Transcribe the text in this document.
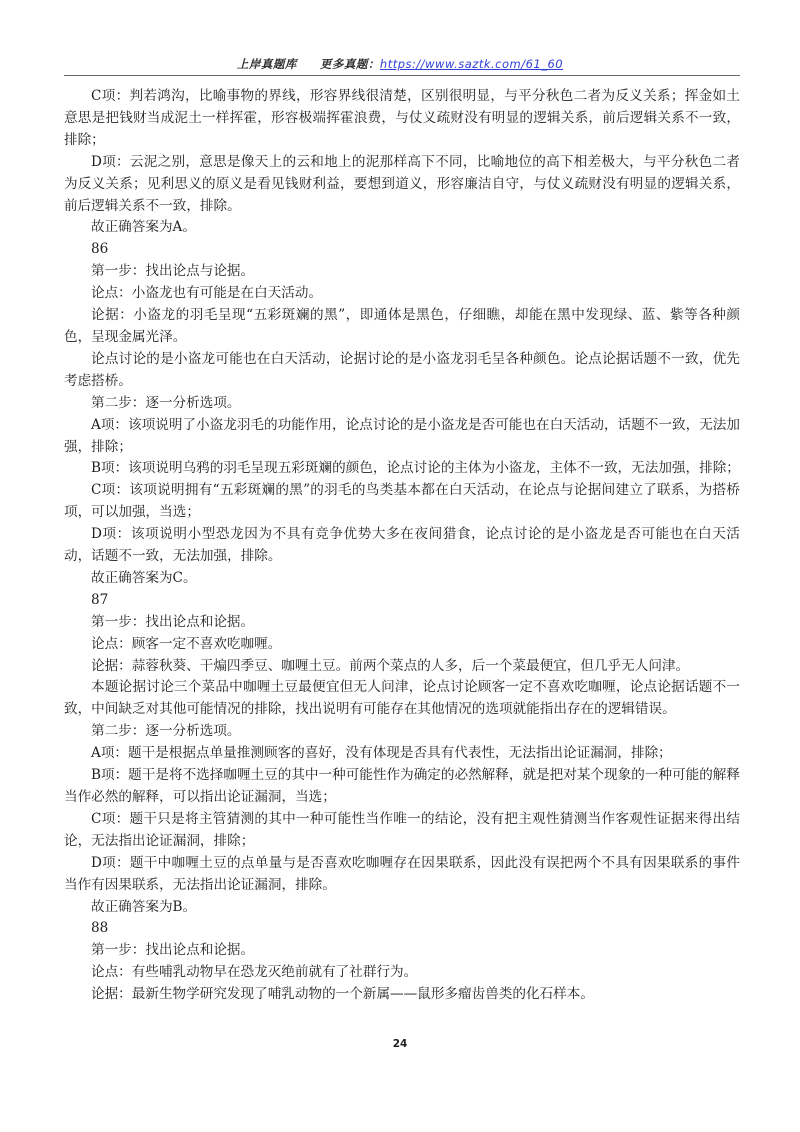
上岸真题库 更多真题：https://www.saztk.com/61_60

C项：判若鸿沟，比喻事物的界线，形容界线很清楚，区别很明显，与平分秋色二者为反义关系；挥金如土意思是把钱财当成泥土一样挥霍，形容极端挥霍浪费，与仗义疏财没有明显的逻辑关系，前后逻辑关系不一致，排除；

D项：云泥之别，意思是像天上的云和地上的泥那样高下不同，比喻地位的高下相差极大，与平分秋色二者为反义关系；见利思义的原义是看见钱财利益，要想到道义，形容廉洁自守，与仗义疏财没有明显的逻辑关系，前后逻辑关系不一致，排除。

故正确答案为A。

86

第一步：找出论点与论据。

论点：小盗龙也有可能是在白天活动。

论据：小盗龙的羽毛呈现“五彩斑斓的黑”，即通体是黑色，仔细瞧，却能在黑中发现绿、蓝、紫等各种颜色，呈现金属光泽。

论点讨论的是小盗龙可能也在白天活动，论据讨论的是小盗龙羽毛呈各种颜色。论点论据话题不一致，优先考虑搭桥。

第二步：逐一分析选项。

A项：该项说明了小盗龙羽毛的功能作用，论点讨论的是小盗龙是否可能也在白天活动，话题不一致，无法加强，排除；

B项：该项说明乌鸦的羽毛呈现五彩斑斓的颜色，论点讨论的主体为小盗龙，主体不一致，无法加强，排除；

C项：该项说明拥有“五彩斑斓的黑”的羽毛的鸟类基本都在白天活动，在论点与论据间建立了联系，为搭桥项，可以加强，当选；

D项：该项说明小型恐龙因为不具有竞争优势大多在夜间猎食，论点讨论的是小盗龙是否可能也在白天活动，话题不一致，无法加强，排除。

故正确答案为C。

87

第一步：找出论点和论据。

论点：顾客一定不喜欢吃咖喱。

论据：蒜蓉秋葵、干煸四季豆、咖喱土豆。前两个菜点的人多，后一个菜最便宜，但几乎无人问津。

本题论据讨论三个菜品中咖喱土豆最便宜但无人问津，论点讨论顾客一定不喜欢吃咖喱，论点论据话题不一致，中间缺乏对其他可能情况的排除，找出说明有可能存在其他情况的选项就能指出存在的逻辑错误。

第二步：逐一分析选项。

A项：题干是根据点单量推测顾客的喜好，没有体现是否具有代表性，无法指出论证漏洞，排除；

B项：题干是将不选择咖喱土豆的其中一种可能性作为确定的必然解释，就是把对某个现象的一种可能的解释当作必然的解释，可以指出论证漏洞，当选；

C项：题干只是将主管猜测的其中一种可能性当作唯一的结论，没有把主观性猜测当作客观性证据来得出结论，无法指出论证漏洞，排除；

D项：题干中咖喱土豆的点单量与是否喜欢吃咖喱存在因果联系，因此没有误把两个不具有因果联系的事件当作有因果联系，无法指出论证漏洞，排除。

故正确答案为B。

88

第一步：找出论点和论据。

论点：有些哺乳动物早在恐龙灭绝前就有了社群行为。

论据：最新生物学研究发现了哺乳动物的一个新属——鼠形多瘤齿兽类的化石样本。

24
